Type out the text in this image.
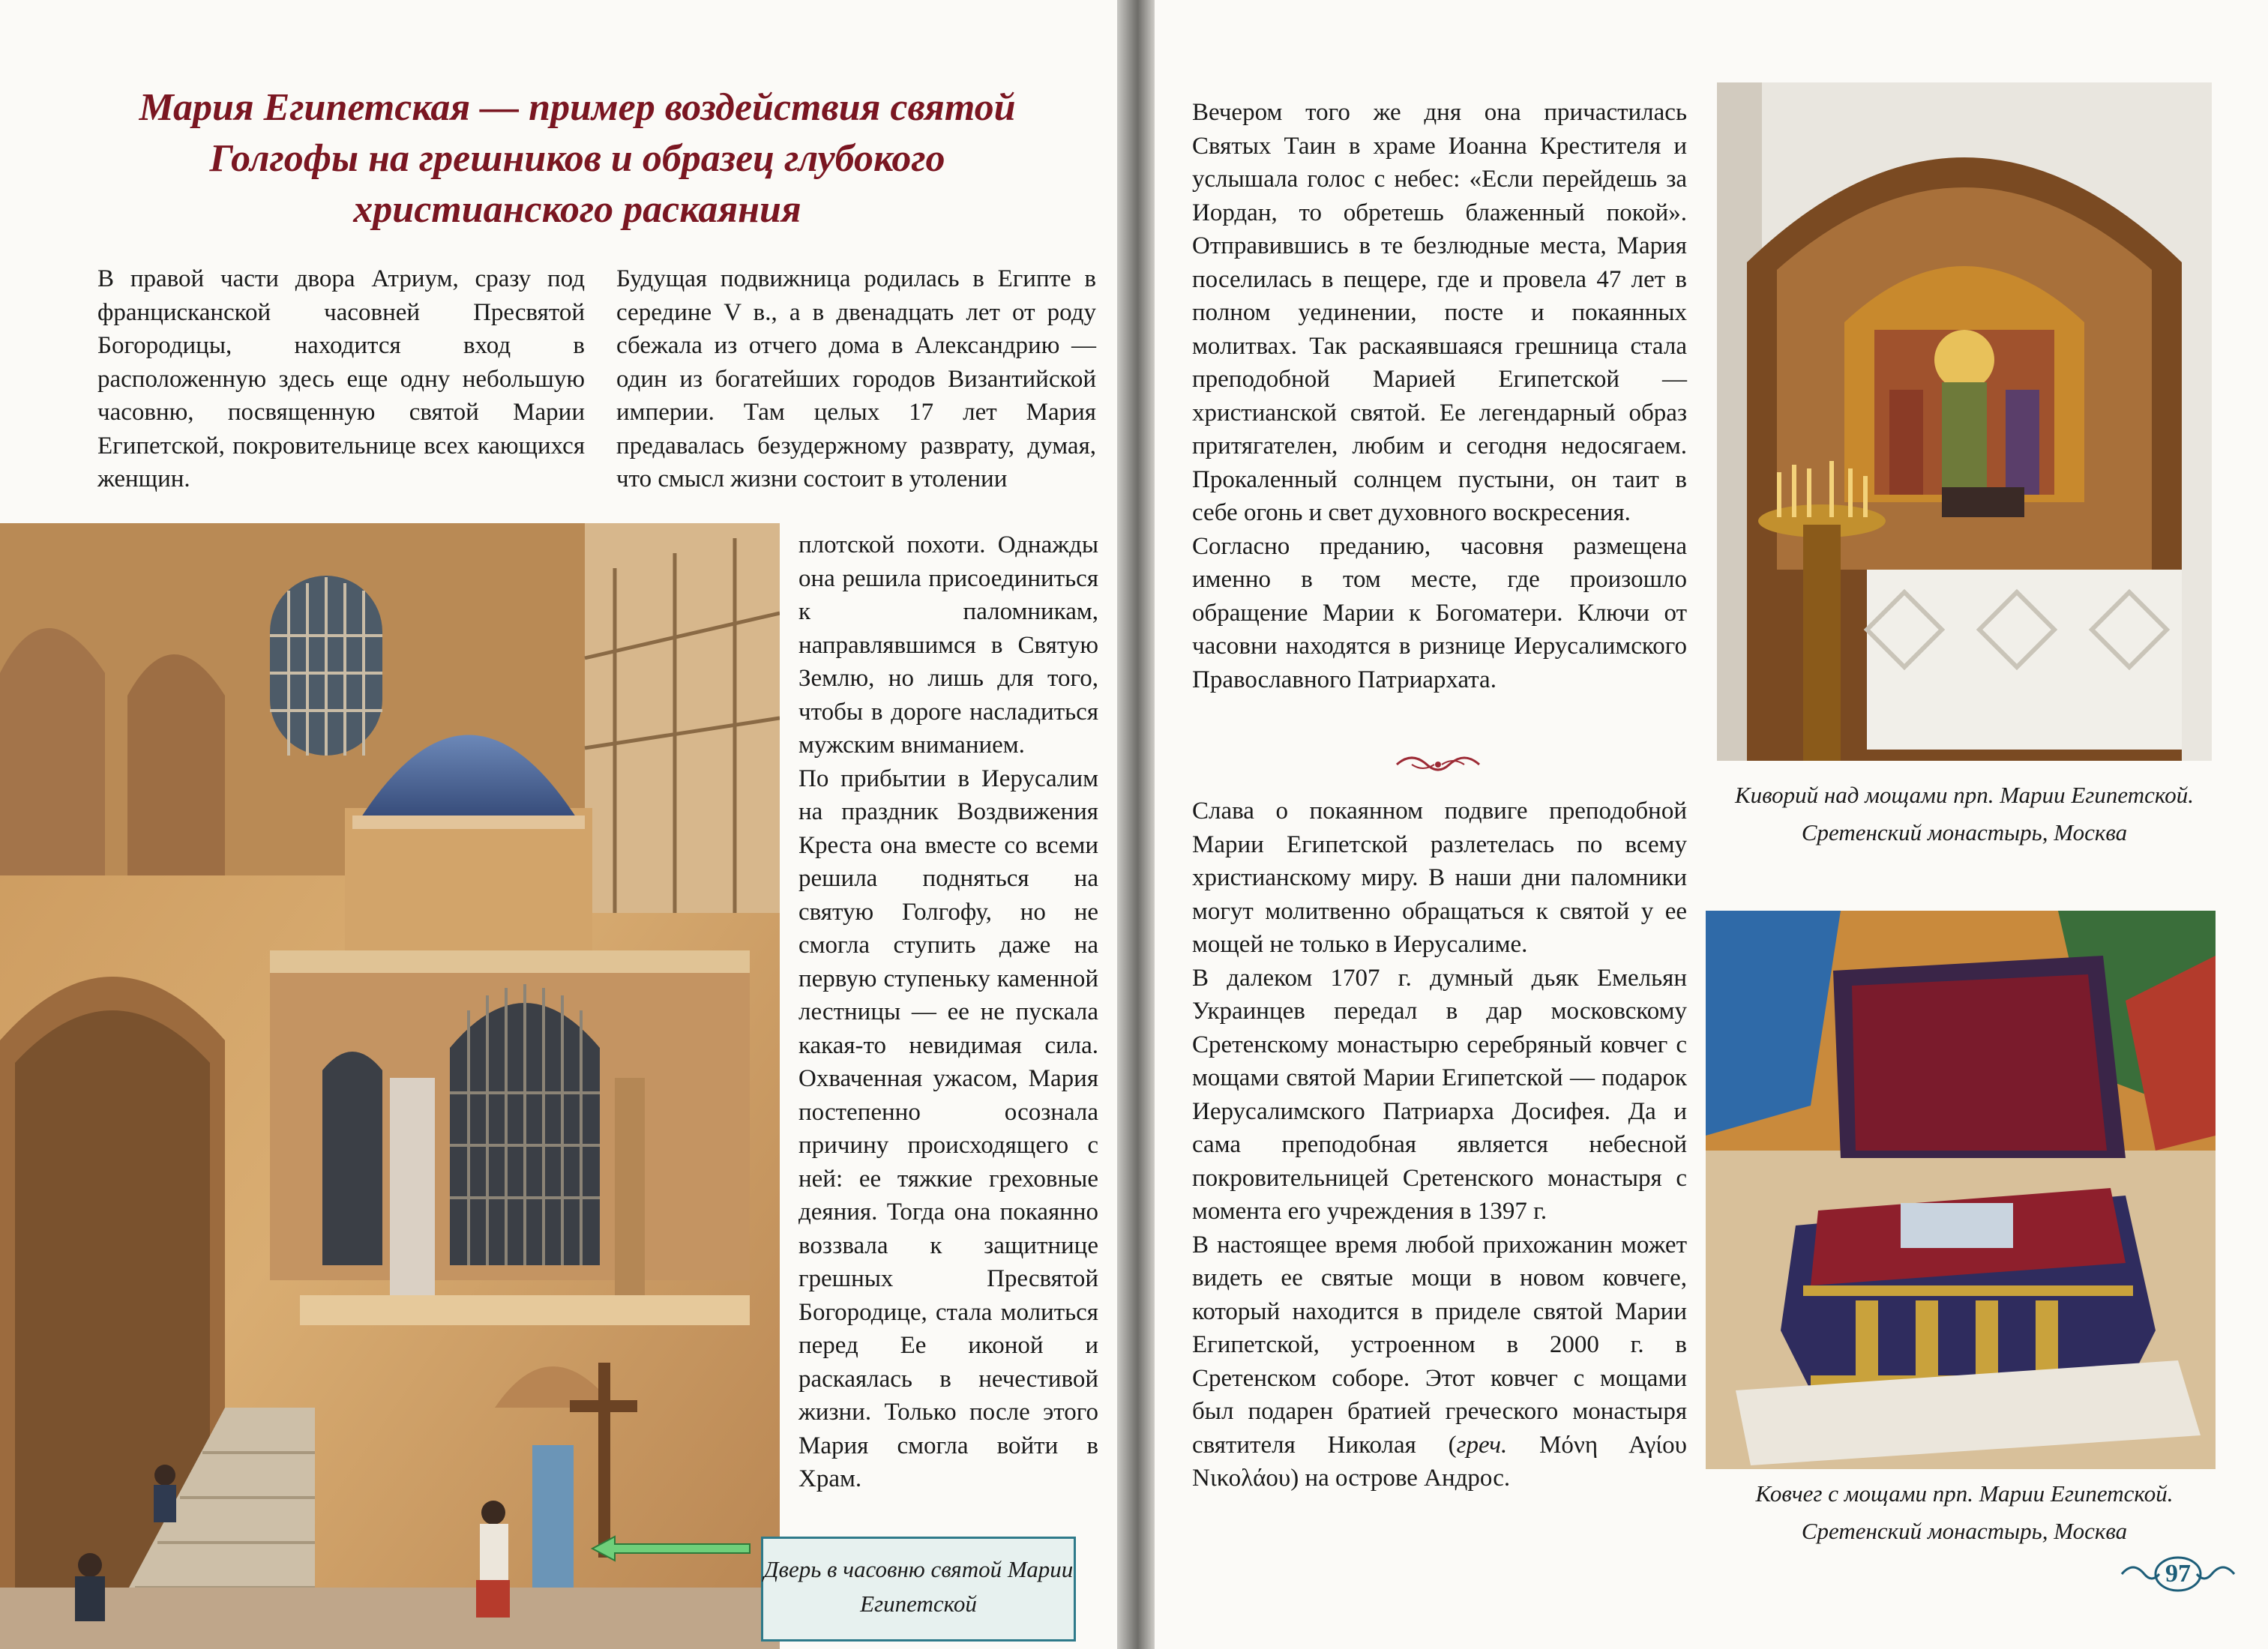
Мария Египетская — пример воздействия святой Голгофы на грешников и образец глубокого христианского раскаяния

В правой части двора Атриум, сразу под францисканской часовней Пресвятой Богородицы, находится вход в расположенную здесь еще одну небольшую часовню, посвященную святой Марии Египетской, покровительнице всех кающихся женщин.

Будущая подвижница родилась в Египте в середине V в., а в двенадцать лет от роду сбежала из отчего дома в Александрию — один из богатейших городов Византийской империи. Там целых 17 лет Мария предавалась безудержному разврату, думая, что смысл жизни состоит в утолении

плотской похоти. Однажды она решила присоединиться к паломникам, направлявшимся в Святую Землю, но лишь для того, чтобы в дороге насладиться мужским вниманием.

По прибытии в Иерусалим на праздник Воздвижения Креста она вместе со всеми решила подняться на святую Голгофу, но не смогла ступить даже на первую ступеньку каменной лестницы — ее не пускала какая-то невидимая сила. Охваченная ужасом, Мария постепенно осознала причину происходящего с ней: ее тяжкие греховные деяния. Тогда она покаянно воззвала к защитнице грешных Пресвятой Богородице, стала молиться перед Ее иконой и раскаялась в нечестивой жизни. Только после этого Мария смогла войти в Храм.

Дверь в часовню святой Марии Египетской

Вечером того же дня она причастилась Святых Таин в храме Иоанна Крестителя и услышала голос с небес: «Если перейдешь за Иордан, то обретешь блаженный покой». Отправившись в те безлюдные места, Мария поселилась в пещере, где и провела 47 лет в полном уединении, посте и покаянных молитвах. Так раскаявшаяся грешница стала преподобной Марией Египетской — христианской святой. Ее легендарный образ притягателен, любим и сегодня недосягаем. Прокаленный солнцем пустыни, он таит в себе огонь и свет духовного воскресения.

Согласно преданию, часовня размещена именно в том месте, где произошло обращение Марии к Богоматери. Ключи от часовни находятся в ризнице Иерусалимского Православного Патриархата.

Слава о покаянном подвиге преподобной Марии Египетской разлетелась по всему христианскому миру. В наши дни паломники могут молитвенно обращаться к святой у ее мощей не только в Иерусалиме.

В далеком 1707 г. думный дьяк Емельян Украинцев передал в дар московскому Сретенскому монастырю серебряный ковчег с мощами святой Марии Египетской — подарок Иерусалимского Патриарха Досифея. Да и сама преподобная является небесной покровительницей Сретенского монастыря с момента его учреждения в 1397 г.

В настоящее время любой прихожанин может видеть ее святые мощи в новом ковчеге, который находится в приделе святой Марии Египетской, устроенном в 2000 г. в Сретенском соборе. Этот ковчег с мощами был подарен братией греческого монастыря святителя Николая (греч. Μόνη Αγίου Νικολάου) на острове Андрос.

Киворий над мощами прп. Марии Египетской.
Сретенский монастырь, Москва
Ковчег с мощами прп. Марии Египетской.
Сретенский монастырь, Москва
97
